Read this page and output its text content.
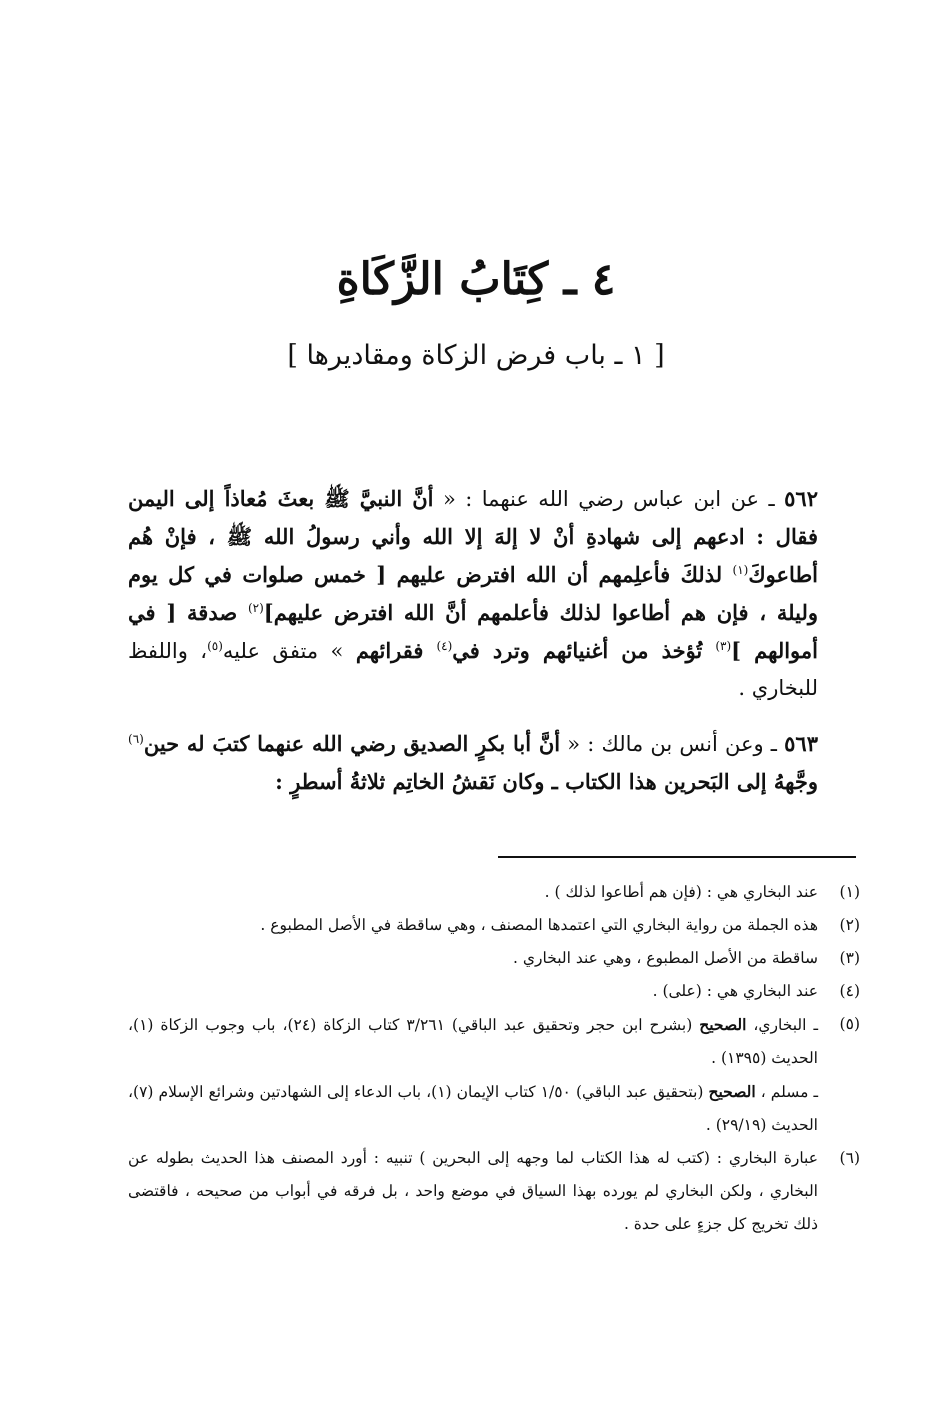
٤ ـ كِتَابُ الزَّكَاةِ
[ ١ ـ باب فرض الزكاة ومقاديرها ]

٥٦٢ ـ عن ابن عباس رضي الله عنهما : « أنَّ النبيَّ ﷺ بعثَ مُعاذاً إلى اليمن فقال : ادعهم إلى شهادةِ أنْ لا إلهَ إلا الله وأني رسولُ الله ﷺ ، فإنْ هُم أطاعوكَ$^{(١)}$ لذلكَ فأعلِمهم أن الله افترض عليهم [ خمس صلوات في كل يوم وليلة ، فإن هم أطاعوا لذلك فأعلمهم أنَّ الله افترض عليهم]$^{(٢)}$ صدقة [ في أموالهم ]$^{(٣)}$ تُؤخذ من أغنيائهم وترد في$^{(٤)}$ فقرائهم » متفق عليه$^{(٥)}$، واللفظ للبخاري .

٥٦٣ ـ وعن أنس بن مالك : « أنَّ أبا بكرٍ الصديق رضي الله عنهما كتبَ له حين$^{(٦)}$ وجَّههُ إلى البَحرين هذا الكتاب ـ وكان نَقشُ الخاتِم ثلاثةُ أسطرٍ :

(١)
عند البخاري هي : (فإن هم أطاعوا لذلك ) .
(٢)
هذه الجملة من رواية البخاري التي اعتمدها المصنف ، وهي ساقطة في الأصل المطبوع .
(٣)
ساقطة من الأصل المطبوع ، وهي عند البخاري .
(٤)
عند البخاري هي : (على) .
(٥)
ـ البخاري، الصحيح (بشرح ابن حجر وتحقيق عبد الباقي) ٣/٢٦١ كتاب الزكاة (٢٤)، باب وجوب الزكاة (١)، الحديث (١٣٩٥) .
ـ مسلم ، الصحيح (بتحقيق عبد الباقي) ١/٥٠ كتاب الإيمان (١)، باب الدعاء إلى الشهادتين وشرائع الإسلام (٧)، الحديث (٢٩/١٩) .
(٦)
عبارة البخاري : (كتب له هذا الكتاب لما وجهه إلى البحرين ) تنبيه : أورد المصنف هذا الحديث بطوله عن البخاري ، ولكن البخاري لم يورده بهذا السياق في موضع واحد ، بل فرقه في أبواب من صحيحه ، فاقتضى ذلك تخريج كل جزءٍ على حدة .
